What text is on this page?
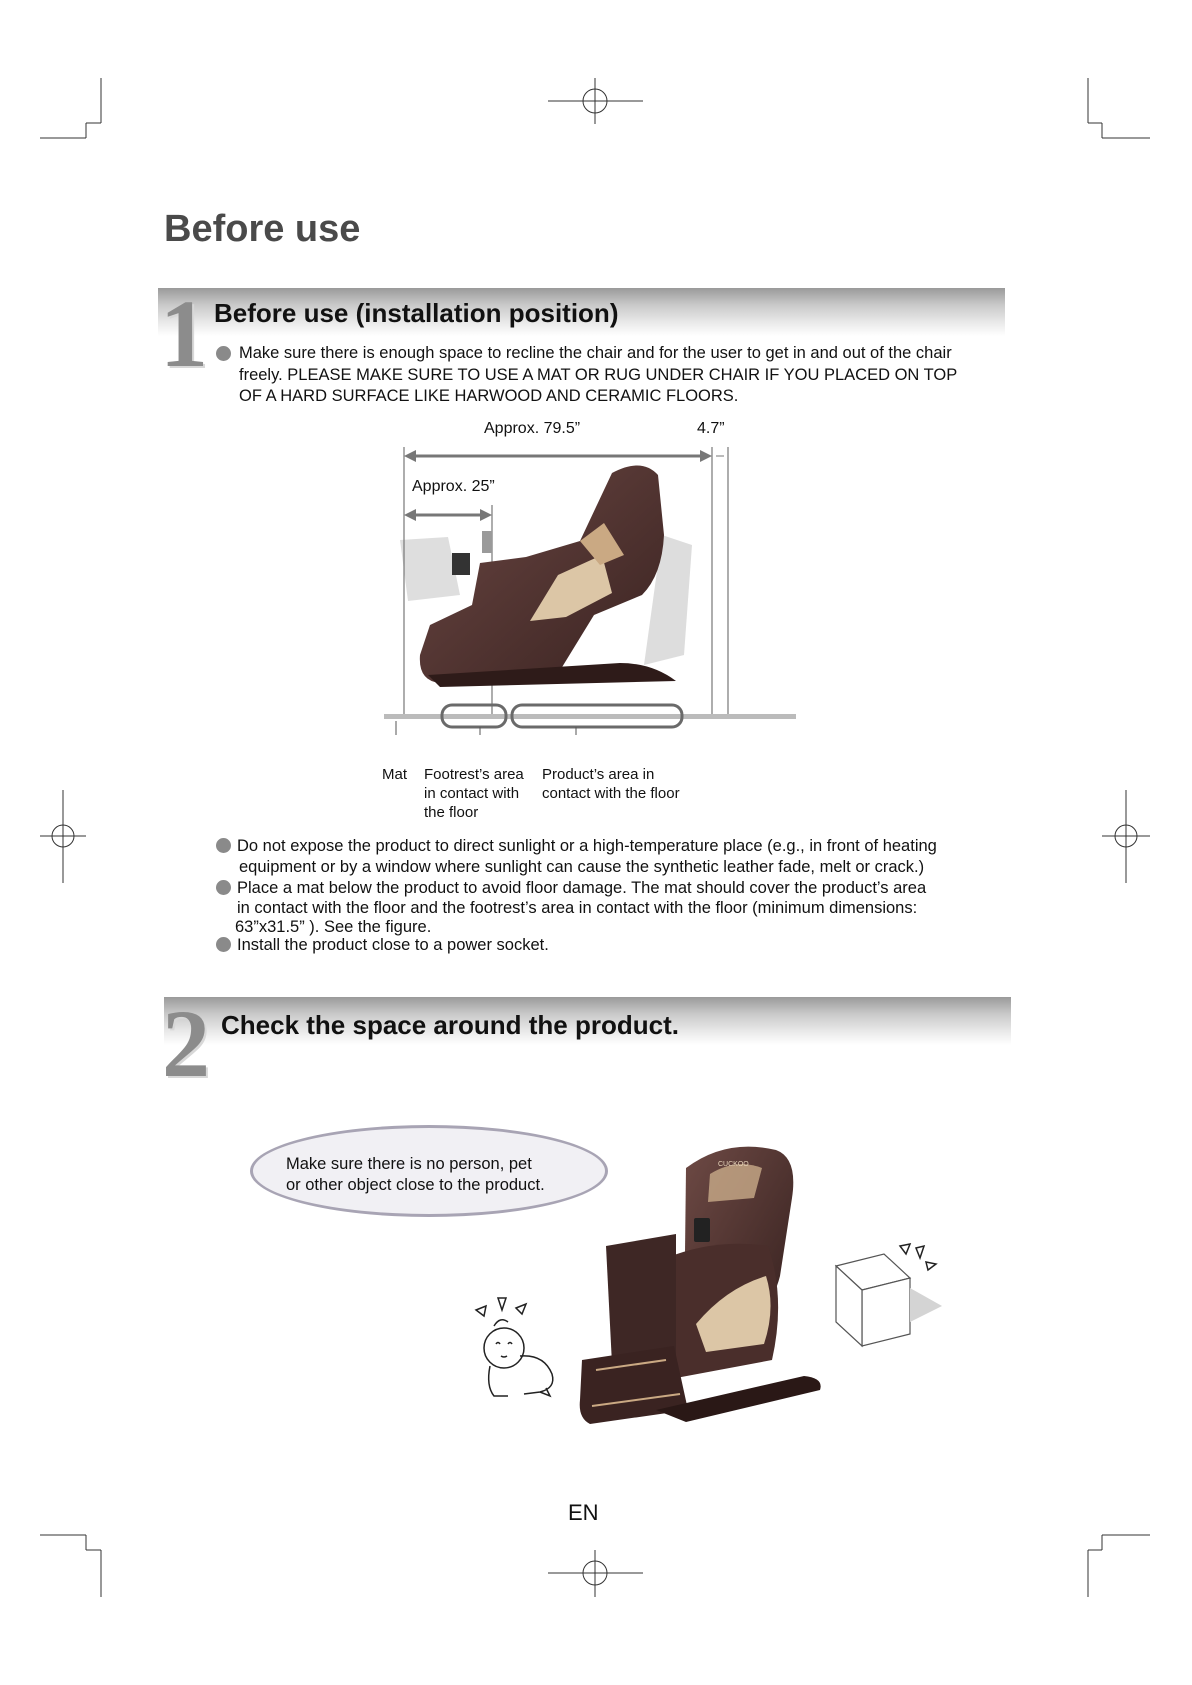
Before use
1 Before use (installation position)
Make sure there is enough space to recline the chair and for the user to get in and out of the chair
freely. PLEASE MAKE SURE TO USE A MAT OR RUG UNDER CHAIR IF YOU PLACED ON TOP
OF A HARD SURFACE LIKE HARWOOD AND CERAMIC FLOORS.
Approx. 79.5”	4.7”
Approx. 25”
Mat Footrest’s area
in contact with
the floor
Product’s area in
contact with the floor
Do not expose the product to direct sunlight or a high-temperature place (e.g., in front of heating
equipment or by a window where sunlight can cause the synthetic leather fade, melt or crack.)
Place a mat below the product to avoid floor damage. The mat should cover the product’s area
in contact with the floor and the footrest’s area in contact with the floor (minimum dimensions:
63”x31.5” ). See the figure.
Install the product close to a power socket.
2 Check the space around the product.
Make sure there is no person, pet
or other object close to the product.
CUCKOO
EN
